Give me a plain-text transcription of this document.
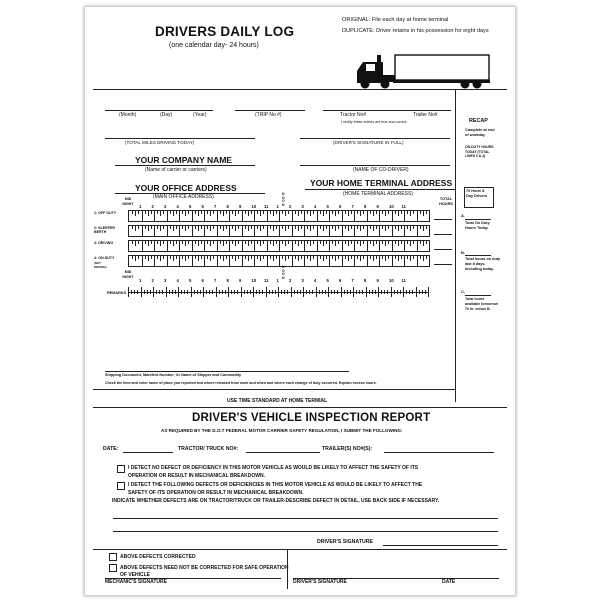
DRIVERS DAILY LOG
(one calendar day- 24 hours)
ORIGINAL: File each day at home terminal
DUPLICATE: Driver retains in his possession for eight days
(Month)	(Day)	(Year)	(TRIP No #)	Tractor No#	Trailer No#
I certify these entries are true and correct.	RECAP
Complete at end of workday
ON-DUTY HOURS TODAY (TOTAL LINES 3 & 4)
70 Hour/ 8 Day Drivers
A.
Total On Duty Hours Today
B.
Total hours on duty last 8 days, including today.
C.
Total hours available tomorrow 70 hr. minus B.
(TOTAL MILES DRIVING TODAY)	(DRIVER'S SIGNATURE IN FULL)
YOUR COMPANY NAME
(Name of carrier or carriers)	(NAME OF CO-DRIVER)
YOUR OFFICE ADDRESS
(MAIN OFFICE ADDRESS)
YOUR HOME TERMINAL ADDRESS
(HOME TERMINAL ADDRESS)
TOTAL HOURS
MID NIGHT
NOON
1 2 3 4 5 6 7 8 9 10 11 1 2 3 4 5 6 7 8 9 10 11
1: OFF DUTY
2: SLEEPER BERTH
3: DRIVING
4: ON DUTY
(NOT DRIVING)
1 2 3 4 5 6 7 8 9 10 11 1 2 3 4 5 6 7 8 9 10 11
MID NIGHT
NOON
REMARKS
Shipping Document, Manifest Number, Or Name of Shipper and Commodity
Check the time and enter name of place you reported and where released from work and when and where each change of duty occurred. Explain excess hours.
USE TIME STANDARD AT HOME TERMIAL
DRIVER'S VEHICLE INSPECTION REPORT
AS REQUIRED BY THE D.O.T FEDERAL MOTOR CARRIER SAFETY REGULATION, I SUBMIT THE FOLLOWING:
DATE:	TRACTOR/ TRUCK NO#:	TRAILER(S) NO#(S):
I DETECT NO DEFECT OR DEFICIENCY IN THIS MOTOR VEHICLE AS WOULD BE LIKELY TO AFFECT THE SAFETY OF ITS
OPERATION OR RESULT IN MECHANICAL BREAKDOWN.
I DETECT THE FOLLOWING DEFECTS OR DEFICIENCIES IN THIS MOTOR VEHICLE AS WOULD BE LIKELY TO AFFECT THE
SAFETY OF ITS OPERATION OR RESULT IN MECHANICAL BREAKDOWN.
INDICATE WHETHER DEFECTS ARE ON TRACTOR/TRUCK OR TRAILER-DESCRIBE DEFECT IN DETAIL, USE BACK SIDE IF NECESSARY.
DRIVER'S SIGNATURE
ABOVE DEFECTS CORRECTED
ABOVE DEFECTS NEED NOT BE CORRECTED FOR SAFE OPERATION
OF VEHICLE
MECHANIC'S SIGNATURE	DRIVER'S SIGNATURE	DATE
